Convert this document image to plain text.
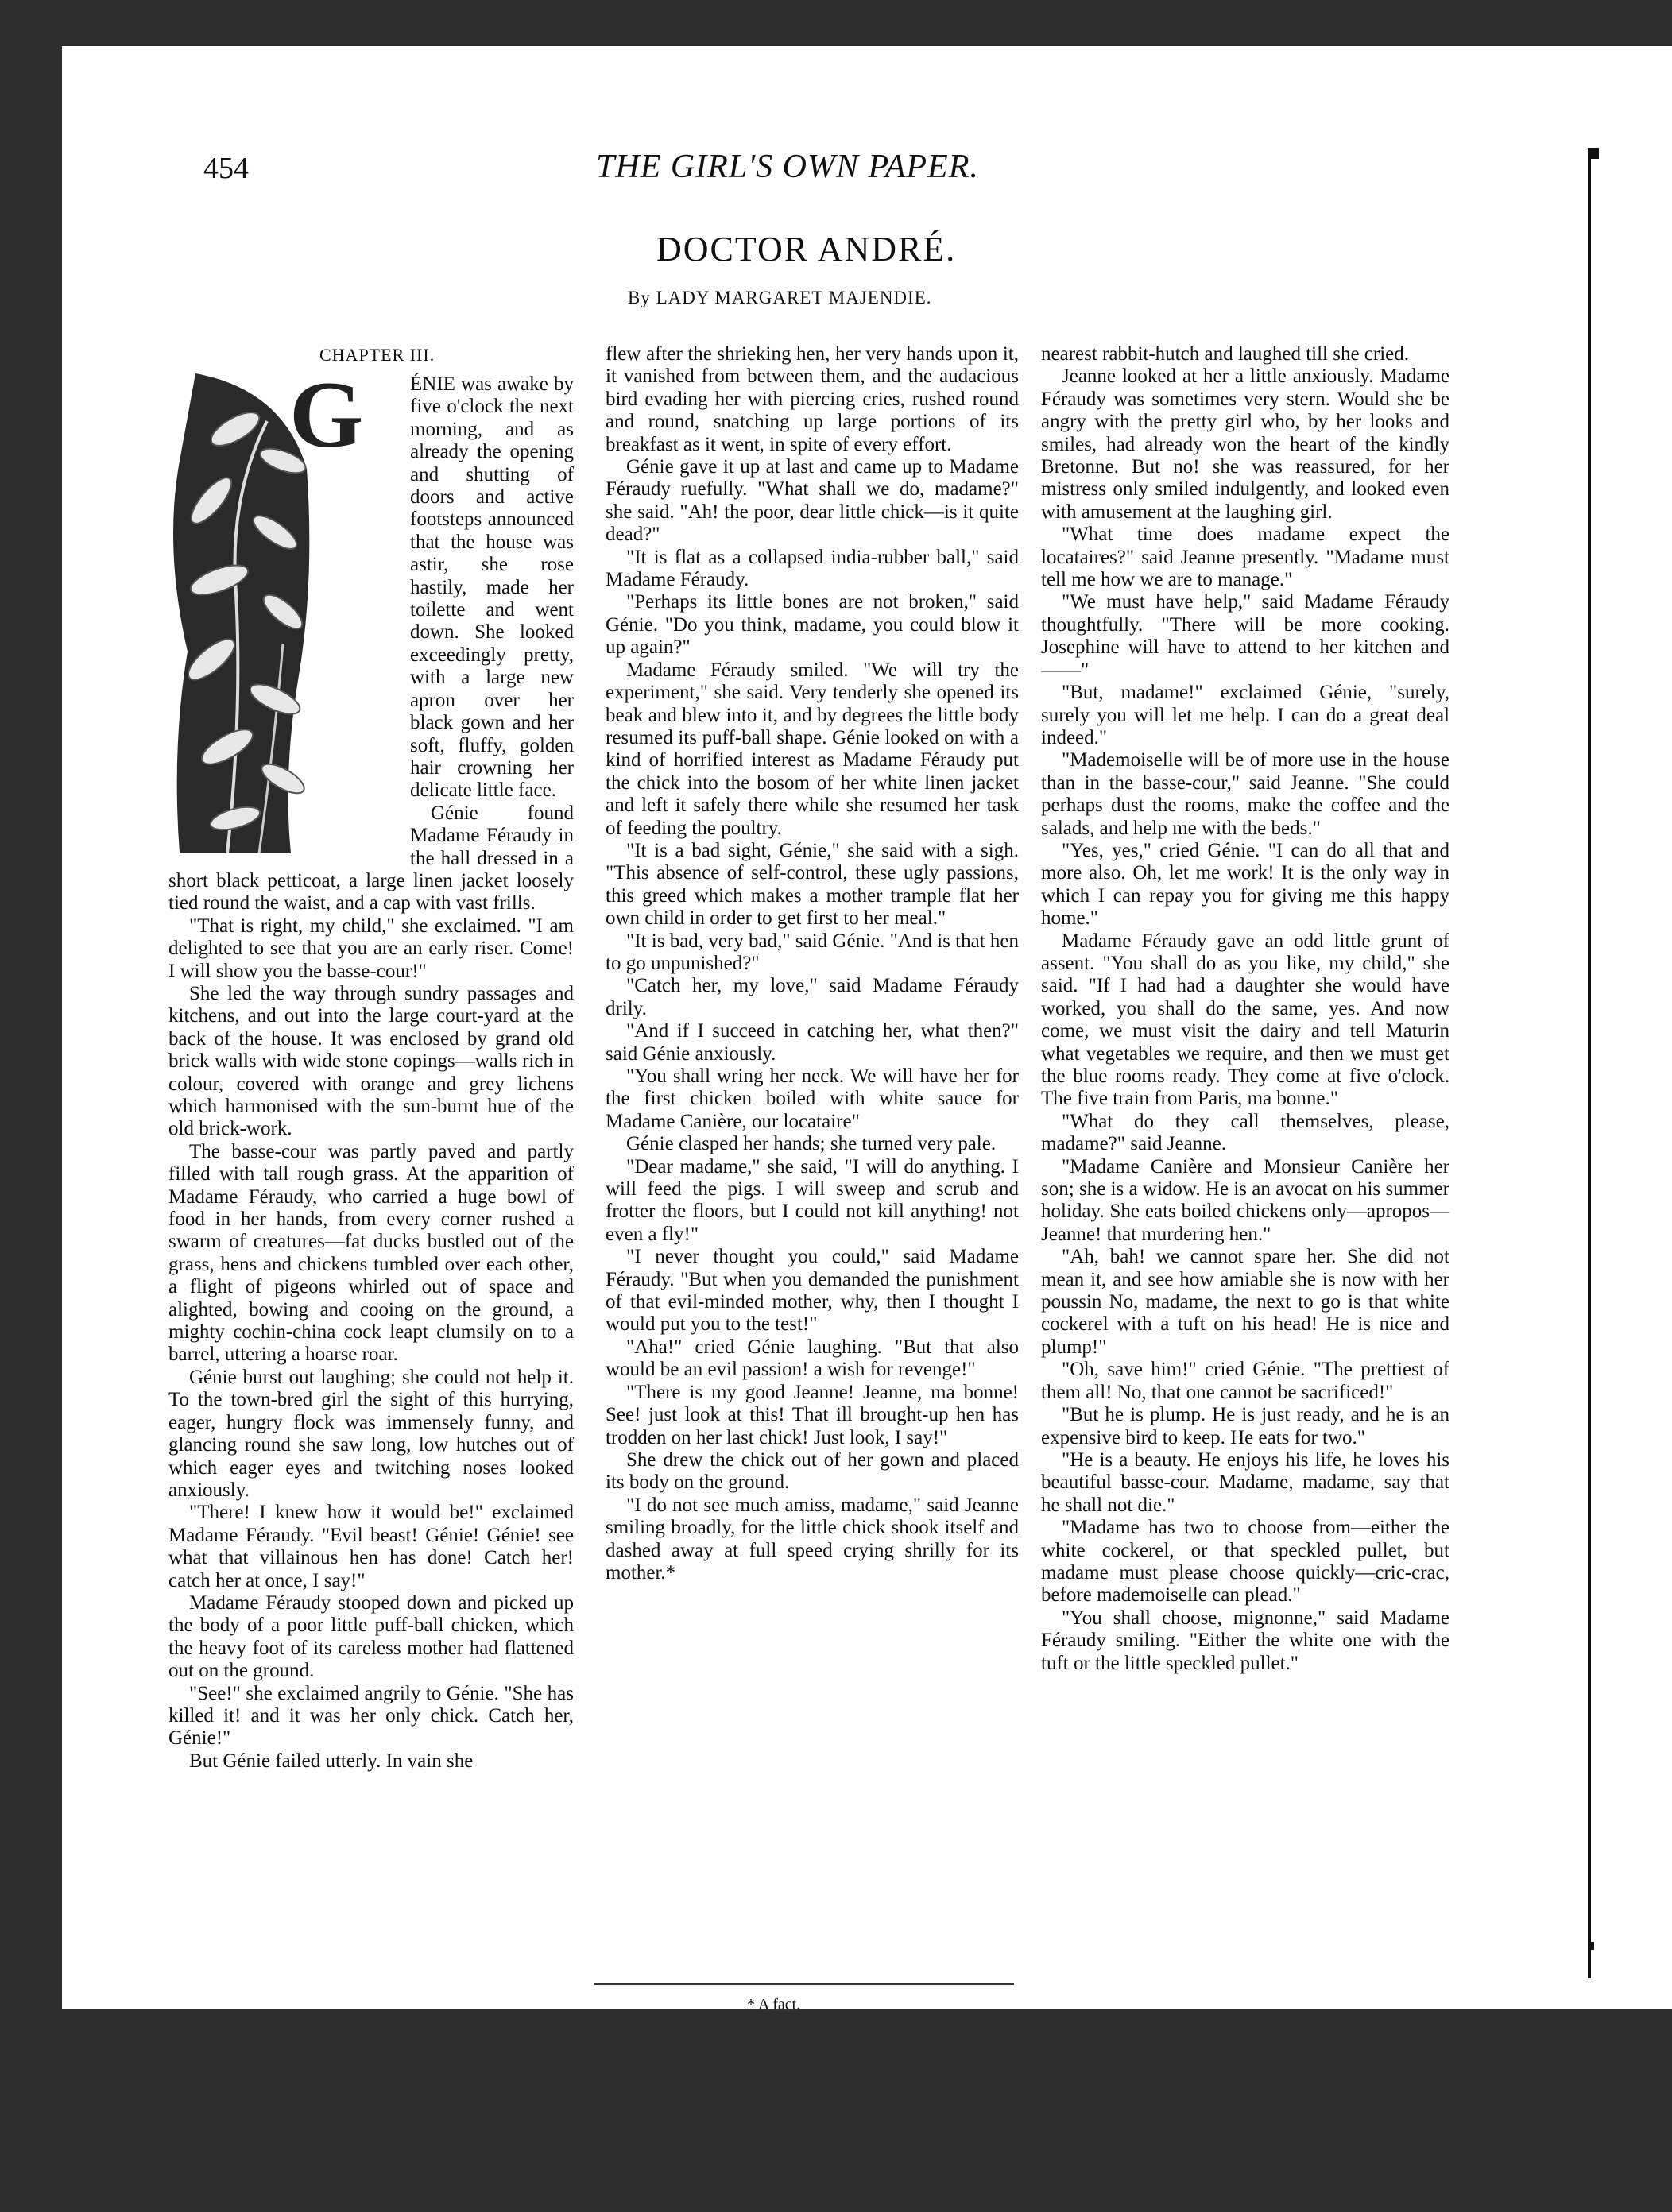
454	THE GIRL'S OWN PAPER.
DOCTOR ANDRÉ.
By LADY MARGARET MAJENDIE.
CHAPTER III.
G	ÉNIE was awake by five o'clock the next morning, and as already the opening and shutting of doors and active footsteps announced that the house was astir, she rose hastily, made her toilette and went down. She looked exceedingly pretty, with a large new apron over her black gown and her soft, fluffy, golden hair crowning her delicate little face.

Génie found Madame Féraudy in the hall dressed in a short black petticoat, a large linen jacket loosely tied round the waist, and a cap with vast frills.

"That is right, my child," she exclaimed. "I am delighted to see that you are an early riser. Come! I will show you the basse-cour!"

She led the way through sundry passages and kitchens, and out into the large court-yard at the back of the house. It was enclosed by grand old brick walls with wide stone copings—walls rich in colour, covered with orange and grey lichens which harmonised with the sun-burnt hue of the old brick-work.

The basse-cour was partly paved and partly filled with tall rough grass. At the apparition of Madame Féraudy, who carried a huge bowl of food in her hands, from every corner rushed a swarm of creatures—fat ducks bustled out of the grass, hens and chickens tumbled over each other, a flight of pigeons whirled out of space and alighted, bowing and cooing on the ground, a mighty cochin-china cock leapt clumsily on to a barrel, uttering a hoarse roar.

Génie burst out laughing; she could not help it. To the town-bred girl the sight of this hurrying, eager, hungry flock was immensely funny, and glancing round she saw long, low hutches out of which eager eyes and twitching noses looked anxiously.

"There! I knew how it would be!" exclaimed Madame Féraudy. "Evil beast! Génie! Génie! see what that villainous hen has done! Catch her! catch her at once, I say!"

Madame Féraudy stooped down and picked up the body of a poor little puff-ball chicken, which the heavy foot of its careless mother had flattened out on the ground.

"See!" she exclaimed angrily to Génie. "She has killed it! and it was her only chick. Catch her, Génie!"

But Génie failed utterly. In vain she

flew after the shrieking hen, her very hands upon it, it vanished from between them, and the audacious bird evading her with piercing cries, rushed round and round, snatching up large portions of its breakfast as it went, in spite of every effort.

Génie gave it up at last and came up to Madame Féraudy ruefully. "What shall we do, madame?" she said. "Ah! the poor, dear little chick—is it quite dead?"

"It is flat as a collapsed india-rubber ball," said Madame Féraudy.

"Perhaps its little bones are not broken," said Génie. "Do you think, madame, you could blow it up again?"

Madame Féraudy smiled. "We will try the experiment," she said. Very tenderly she opened its beak and blew into it, and by degrees the little body resumed its puff-ball shape. Génie looked on with a kind of horrified interest as Madame Féraudy put the chick into the bosom of her white linen jacket and left it safely there while she resumed her task of feeding the poultry.

"It is a bad sight, Génie," she said with a sigh. "This absence of self-control, these ugly passions, this greed which makes a mother trample flat her own child in order to get first to her meal."

"It is bad, very bad," said Génie. "And is that hen to go unpunished?"

"Catch her, my love," said Madame Féraudy drily.

"And if I succeed in catching her, what then?" said Génie anxiously.

"You shall wring her neck. We will have her for the first chicken boiled with white sauce for Madame Canière, our locataire"

Génie clasped her hands; she turned very pale.

"Dear madame," she said, "I will do anything. I will feed the pigs. I will sweep and scrub and frotter the floors, but I could not kill anything! not even a fly!"

"I never thought you could," said Madame Féraudy. "But when you demanded the punishment of that evil-minded mother, why, then I thought I would put you to the test!"

"Aha!" cried Génie laughing. "But that also would be an evil passion! a wish for revenge!"

"There is my good Jeanne! Jeanne, ma bonne! See! just look at this! That ill brought-up hen has trodden on her last chick! Just look, I say!"

She drew the chick out of her gown and placed its body on the ground.

"I do not see much amiss, madame," said Jeanne smiling broadly, for the little chick shook itself and dashed away at full speed crying shrilly for its mother.*

nearest rabbit-hutch and laughed till she cried.

Jeanne looked at her a little anxiously. Madame Féraudy was sometimes very stern. Would she be angry with the pretty girl who, by her looks and smiles, had already won the heart of the kindly Bretonne. But no! she was reassured, for her mistress only smiled indulgently, and looked even with amusement at the laughing girl.

"What time does madame expect the locataires?" said Jeanne presently. "Madame must tell me how we are to manage."

"We must have help," said Madame Féraudy thoughtfully. "There will be more cooking. Josephine will have to attend to her kitchen and——"

"But, madame!" exclaimed Génie, "surely, surely you will let me help. I can do a great deal indeed."

"Mademoiselle will be of more use in the house than in the basse-cour," said Jeanne. "She could perhaps dust the rooms, make the coffee and the salads, and help me with the beds."

"Yes, yes," cried Génie. "I can do all that and more also. Oh, let me work! It is the only way in which I can repay you for giving me this happy home."

Madame Féraudy gave an odd little grunt of assent. "You shall do as you like, my child," she said. "If I had had a daughter she would have worked, you shall do the same, yes. And now come, we must visit the dairy and tell Maturin what vegetables we require, and then we must get the blue rooms ready. They come at five o'clock. The five train from Paris, ma bonne."

"What do they call themselves, please, madame?" said Jeanne.

"Madame Canière and Monsieur Canière her son; she is a widow. He is an avocat on his summer holiday. She eats boiled chickens only—apropos—Jeanne! that murdering hen."

"Ah, bah! we cannot spare her. She did not mean it, and see how amiable she is now with her poussin No, madame, the next to go is that white cockerel with a tuft on his head! He is nice and plump!"

"Oh, save him!" cried Génie. "The prettiest of them all! No, that one cannot be sacrificed!"

"But he is plump. He is just ready, and he is an expensive bird to keep. He eats for two."

"He is a beauty. He enjoys his life, he loves his beautiful basse-cour. Madame, madame, say that he shall not die."

"Madame has two to choose from—either the white cockerel, or that speckled pullet, but madame must please choose quickly—cric-crac, before mademoiselle can plead."

"You shall choose, mignonne," said Madame Féraudy smiling. "Either the white one with the tuft or the little speckled pullet."

* A fact.
